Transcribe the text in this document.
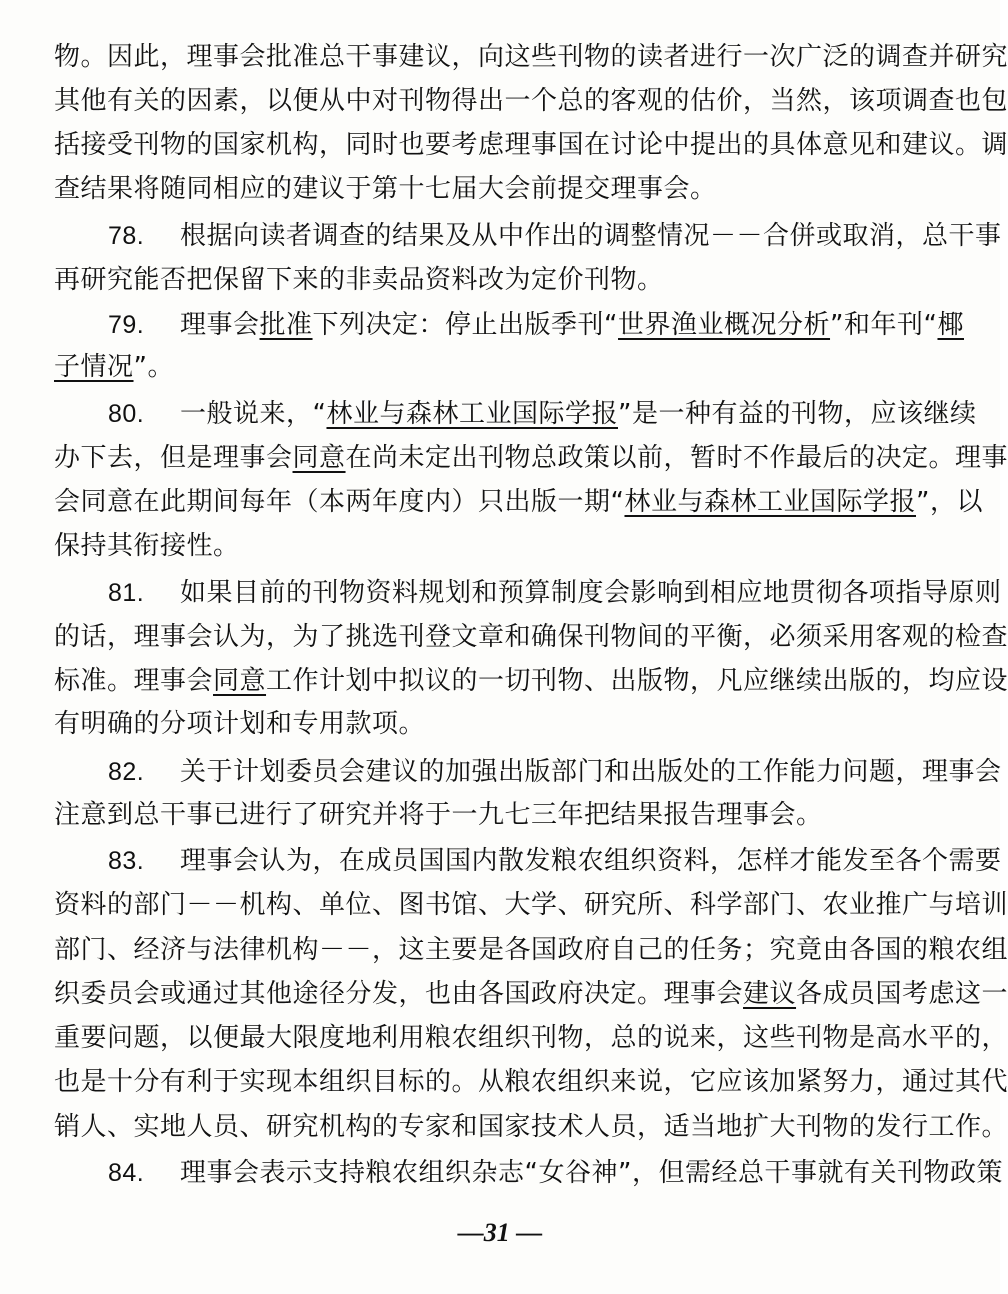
物。因此，理事会批准总干事建议，向这些刊物的读者进行一次广泛的调查并研究
其他有关的因素，以便从中对刊物得出一个总的客观的估价，当然，该项调查也包
括接受刊物的国家机构，同时也要考虑理事国在讨论中提出的具体意见和建议。调
查结果将随同相应的建议于第十七届大会前提交理事会。
78. 根据向读者调查的结果及从中作出的调整情况－－合併或取消，总干事
再研究能否把保留下来的非卖品资料改为定价刊物。
79. 理事会批准下列决定：停止出版季刊“世界渔业概况分析”和年刊“椰
子情况”。
80. 一般说来，“林业与森林工业国际学报”是一种有益的刊物，应该继续
办下去，但是理事会同意在尚未定出刊物总政策以前，暂时不作最后的决定。理事
会同意在此期间每年（本两年度内）只出版一期“林业与森林工业国际学报”，以
保持其衔接性。
81. 如果目前的刊物资料规划和预算制度会影响到相应地贯彻各项指导原则
的话，理事会认为，为了挑选刊登文章和确保刊物间的平衡，必须采用客观的检查
标准。理事会同意工作计划中拟议的一切刊物、出版物，凡应继续出版的，均应设
有明确的分项计划和专用款项。
82. 关于计划委员会建议的加强出版部门和出版处的工作能力问题，理事会
注意到总干事已进行了研究并将于一九七三年把结果报告理事会。
83. 理事会认为，在成员国国内散发粮农组织资料，怎样才能发至各个需要
资料的部门－－机构、单位、图书馆、大学、研究所、科学部门、农业推广与培训
部门、经济与法律机构－－，这主要是各国政府自己的任务；究竟由各国的粮农组
织委员会或通过其他途径分发，也由各国政府决定。理事会建议各成员国考虑这一
重要问题，以便最大限度地利用粮农组织刊物，总的说来，这些刊物是高水平的，
也是十分有利于实现本组织目标的。从粮农组织来说，它应该加紧努力，通过其代
销人、实地人员、研究机构的专家和国家技术人员，适当地扩大刊物的发行工作。
84. 理事会表示支持粮农组织杂志“女谷神”，但需经总干事就有关刊物政策
—31 —
